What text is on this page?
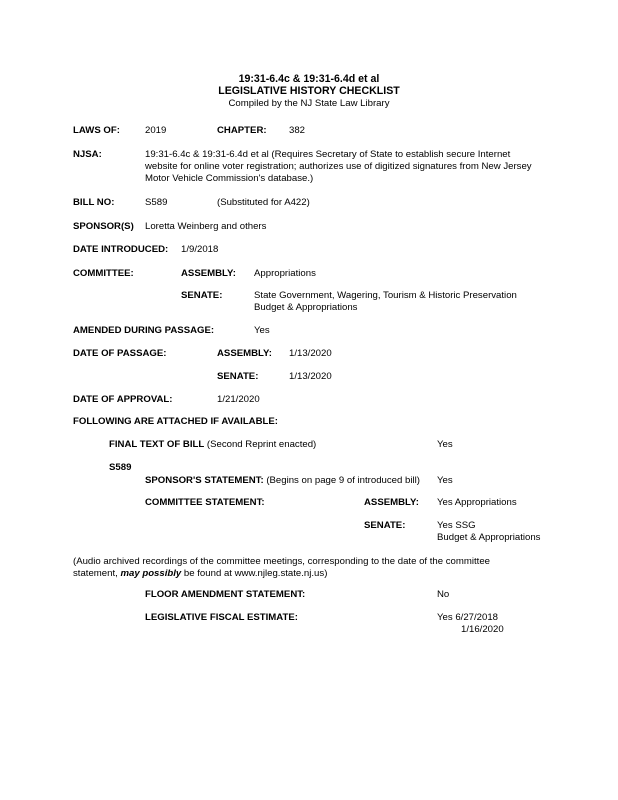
19:31-6.4c & 19:31-6.4d et al
LEGISLATIVE HISTORY CHECKLIST
Compiled by the NJ State Law Library
LAWS OF:	2019	CHAPTER: 382
NJSA:	19:31-6.4c & 19:31-6.4d et al (Requires Secretary of State to establish secure Internet
website for online voter registration; authorizes use of digitized signatures from New Jersey
Motor Vehicle Commission's database.)
BILL NO:	S589	(Substituted for A422)
SPONSOR(S) Loretta Weinberg and others
DATE INTRODUCED: 1/9/2018
COMMITTEE:	ASSEMBLY: Appropriations
SENATE:	State Government, Wagering, Tourism & Historic Preservation
Budget & Appropriations
AMENDED DURING PASSAGE:	Yes
DATE OF PASSAGE:	ASSEMBLY: 1/13/2020
SENATE:	1/13/2020
DATE OF APPROVAL:	1/21/2020
FOLLOWING ARE ATTACHED IF AVAILABLE:
FINAL TEXT OF BILL (Second Reprint enacted)	Yes
S589
SPONSOR'S STATEMENT: (Begins on page 9 of introduced bill) Yes
COMMITTEE STATEMENT:	ASSEMBLY: Yes Appropriations
SENATE:	Yes SSG
Budget & Appropriations
(Audio archived recordings of the committee meetings, corresponding to the date of the committee
statement, may possibly be found at www.njleg.state.nj.us)
FLOOR AMENDMENT STATEMENT:	No
LEGISLATIVE FISCAL ESTIMATE:	Yes 6/27/2018
1/16/2020
